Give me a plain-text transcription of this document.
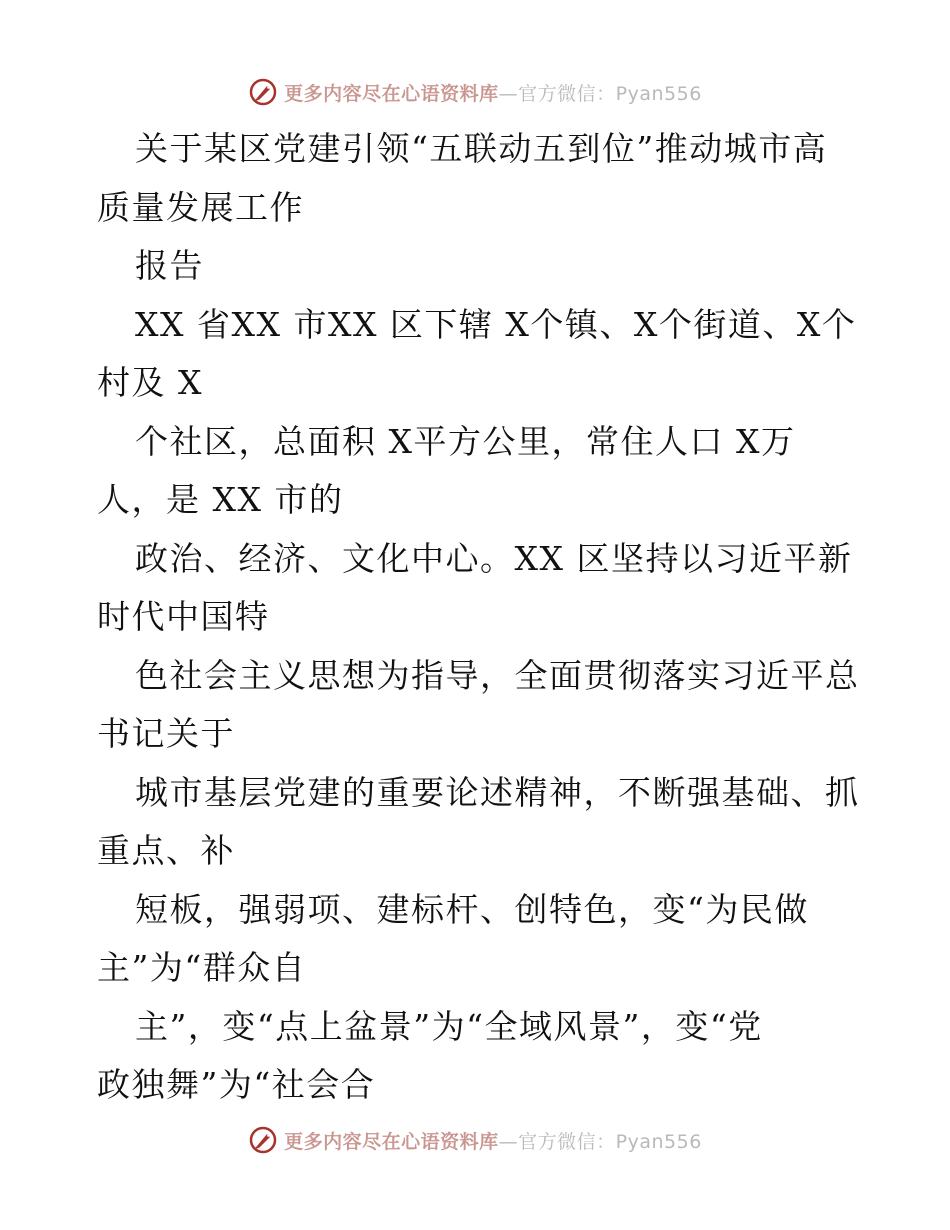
更多内容尽在心语资料库 —官方微信：Pyan556
关于某区党建引领“五联动五到位”推动城市高
质量发展工作
报告
XX 省XX 市XX 区下辖 X个镇、X个街道、X个
村及 X
个社区，总面积 X平方公里，常住人口 X万
人，是 XX 市的
政治、经济、文化中心。XX 区坚持以习近平新
时代中国特
色社会主义思想为指导，全面贯彻落实习近平总
书记关于
城市基层党建的重要论述精神，不断强基础、抓
重点、补
短板，强弱项、建标杆、创特色，变“为民做
主”为“群众自
主”，变“点上盆景”为“全域风景”，变“党
政独舞”为“社会合
更多内容尽在心语资料库 —官方微信：Pyan556
